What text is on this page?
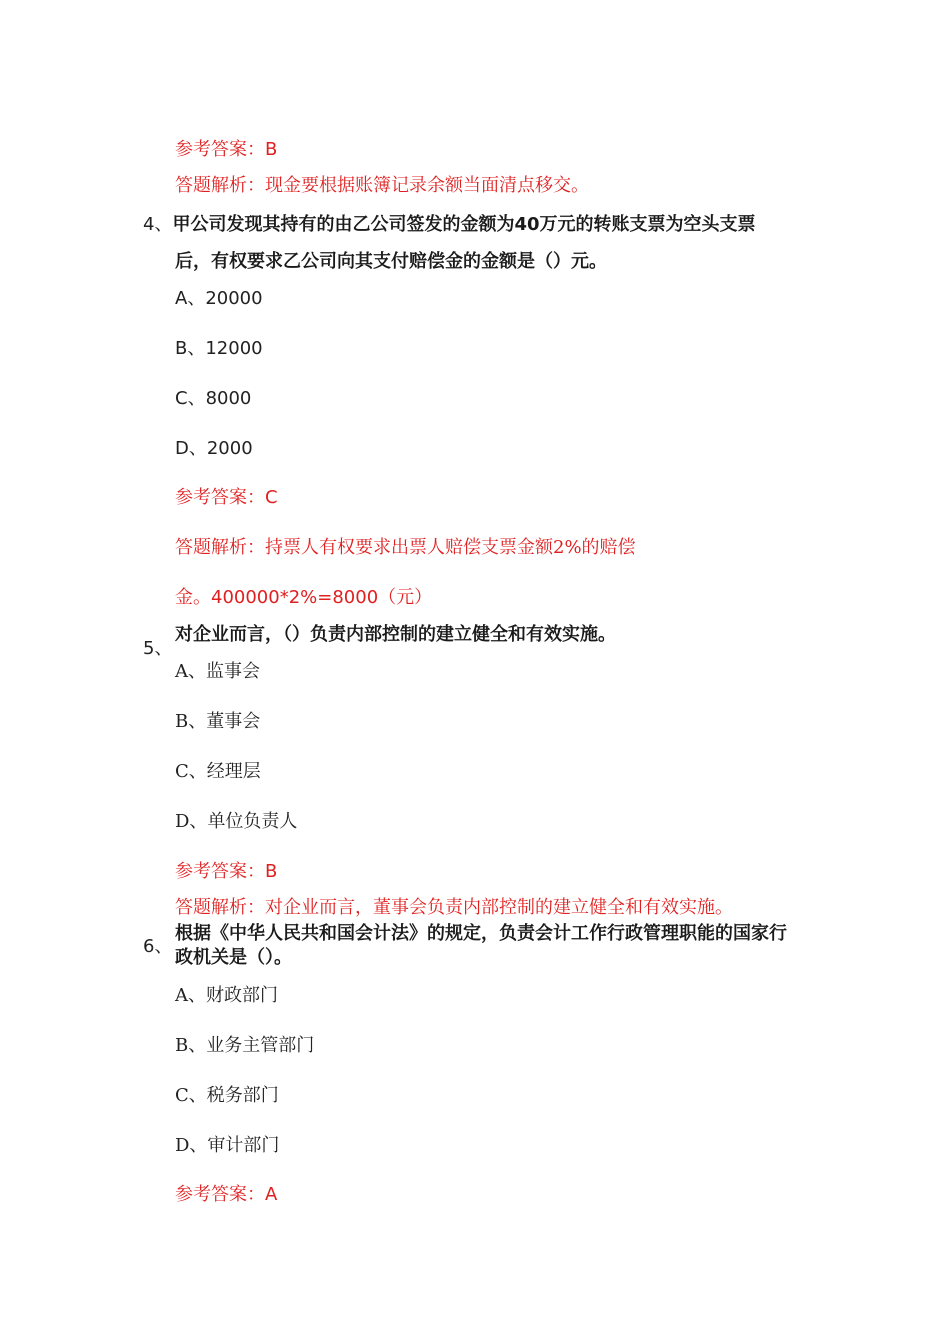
参考答案：B
答题解析：现金要根据账簿记录余额当面清点移交。
4、甲公司发现其持有的由乙公司签发的金额为40万元的转账支票为空头支票
后，有权要求乙公司向其支付赔偿金的金额是（）元。
A、20000
B、12000
C、8000
D、2000
参考答案：C
答题解析：持票人有权要求出票人赔偿支票金额2%的赔偿
金。400000*2%=8000（元）
对企业而言，（）负责内部控制的建立健全和有效实施。
5、
A、监事会
B、董事会
C、经理层
D、单位负责人
参考答案：B
答题解析：对企业而言，董事会负责内部控制的建立健全和有效实施。
根据《中华人民共和国会计法》的规定，负责会计工作行政管理职能的国家行
6、
政机关是（）。
A、财政部门
B、业务主管部门
C、税务部门
D、审计部门
参考答案：A
